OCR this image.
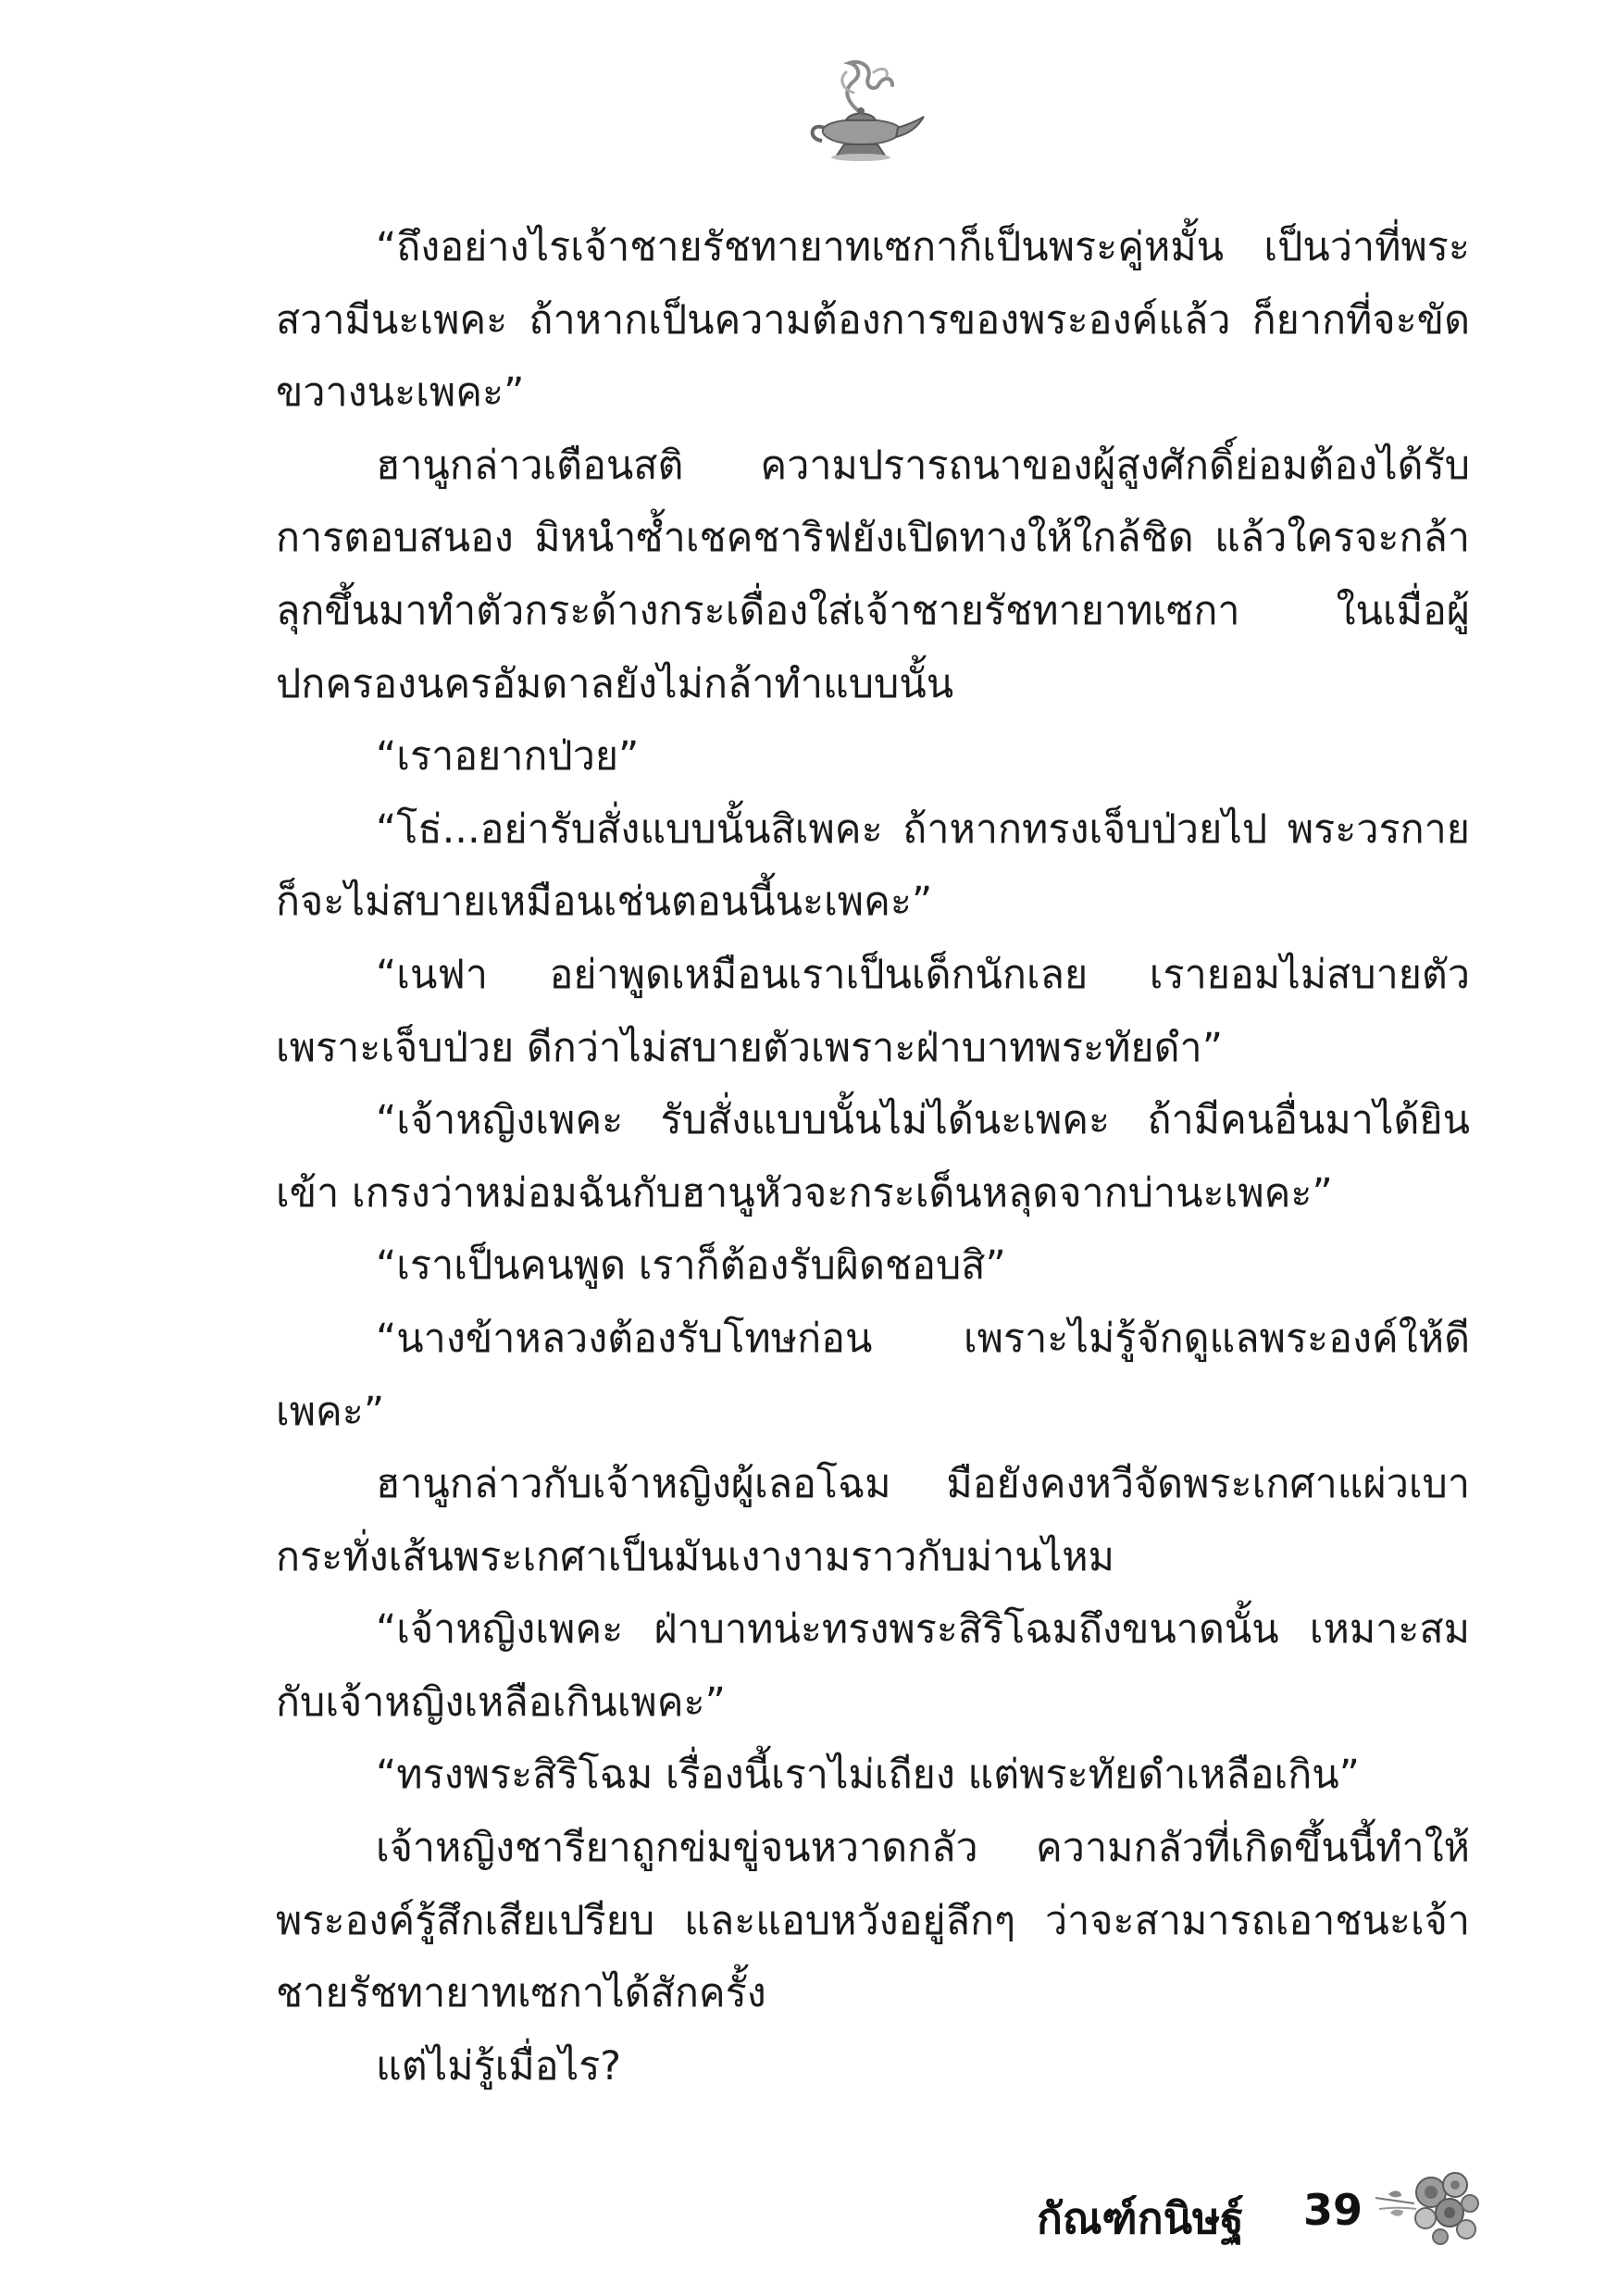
“ถึงอย่างไรเจ้าชายรัชทายาทเซกาก็เป็นพระคู่หมั้น เป็นว่าที่พระสวามีนะเพคะ ถ้าหากเป็นความต้องการของพระองค์แล้ว ก็ยากที่จะขัดขวางนะเพคะ”

ฮานูกล่าวเตือนสติ ความปรารถนาของผู้สูงศักดิ์ย่อมต้องได้รับการตอบสนอง มิหนำซ้ำเชคชาริฟยังเปิดทางให้ใกล้ชิด แล้วใครจะกล้าลุกขึ้นมาทำตัวกระด้างกระเดื่องใส่เจ้าชายรัชทายาทเซกา ในเมื่อผู้ปกครองนครอัมดาลยังไม่กล้าทำแบบนั้น

“เราอยากป่วย”

“โธ่...อย่ารับสั่งแบบนั้นสิเพคะ ถ้าหากทรงเจ็บป่วยไป พระวรกายก็จะไม่สบายเหมือนเช่นตอนนี้นะเพคะ”

“เนฟา อย่าพูดเหมือนเราเป็นเด็กนักเลย เรายอมไม่สบายตัวเพราะเจ็บป่วย ดีกว่าไม่สบายตัวเพราะฝ่าบาทพระทัยดำ”

“เจ้าหญิงเพคะ รับสั่งแบบนั้นไม่ได้นะเพคะ ถ้ามีคนอื่นมาได้ยินเข้า เกรงว่าหม่อมฉันกับฮานูหัวจะกระเด็นหลุดจากบ่านะเพคะ”

“เราเป็นคนพูด เราก็ต้องรับผิดชอบสิ”

“นางข้าหลวงต้องรับโทษก่อน เพราะไม่รู้จักดูแลพระองค์ให้ดีเพคะ”

ฮานูกล่าวกับเจ้าหญิงผู้เลอโฉม มือยังคงหวีจัดพระเกศาแผ่วเบากระทั่งเส้นพระเกศาเป็นมันเงางามราวกับม่านไหม

“เจ้าหญิงเพคะ ฝ่าบาทน่ะทรงพระสิริโฉมถึงขนาดนั้น เหมาะสมกับเจ้าหญิงเหลือเกินเพคะ”

“ทรงพระสิริโฉม เรื่องนี้เราไม่เถียง แต่พระทัยดำเหลือเกิน”

เจ้าหญิงชารียาถูกข่มขู่จนหวาดกลัว ความกลัวที่เกิดขึ้นนี้ทำให้พระองค์รู้สึกเสียเปรียบ และแอบหวังอยู่ลึกๆ ว่าจะสามารถเอาชนะเจ้าชายรัชทายาทเซกาได้สักครั้ง

แต่ไม่รู้เมื่อไร?

กัณฑ์กนิษฐ์ 39
